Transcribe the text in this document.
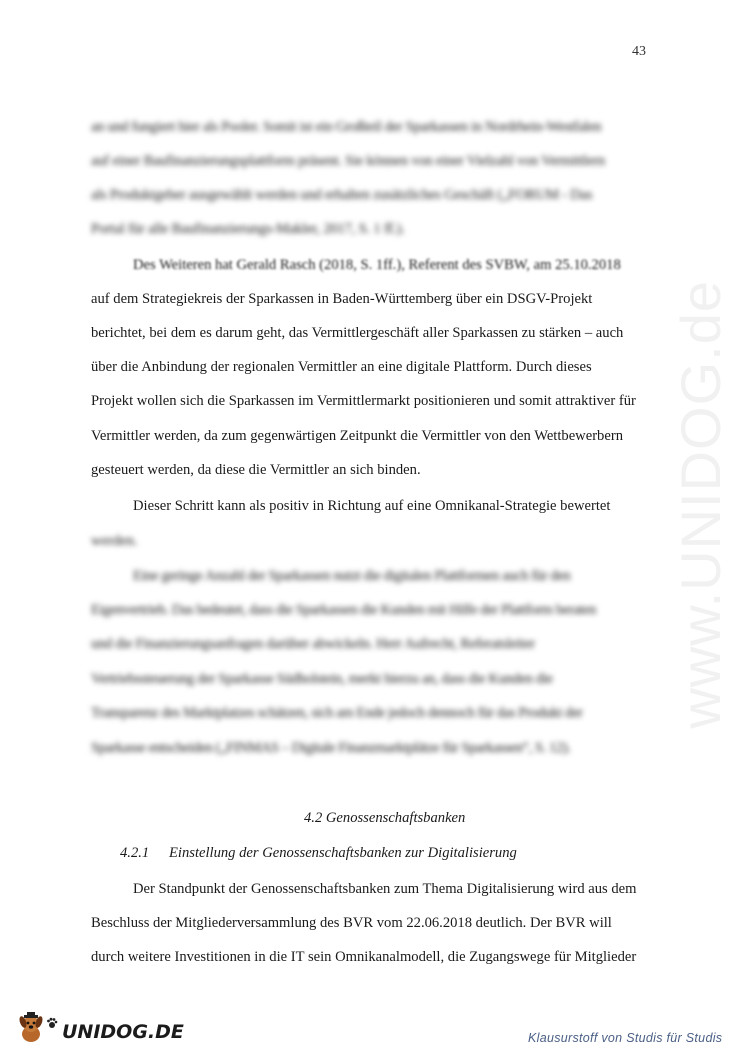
43
www.UNIDOG.de
an und fungiert hier als Pooler. Somit ist ein Großteil der Sparkassen in Nordrhein-Westfalen
auf einer Baufinanzierungsplattform präsent. Sie können von einer Vielzahl von Vermittlern
als Produktgeber ausgewählt werden und erhalten zusätzliches Geschäft („FORUM - Das
Portal für alle Baufinanzierungs-Makler, 2017, S. 1 ff.).
Des Weiteren hat Gerald Rasch (2018, S. 1ff.), Referent des SVBW, am 25.10.2018
auf dem Strategiekreis der Sparkassen in Baden-Württemberg über ein DSGV-Projekt
berichtet, bei dem es darum geht, das Vermittlergeschäft aller Sparkassen zu stärken – auch
über die Anbindung der regionalen Vermittler an eine digitale Plattform. Durch dieses
Projekt wollen sich die Sparkassen im Vermittlermarkt positionieren und somit attraktiver für
Vermittler werden, da zum gegenwärtigen Zeitpunkt die Vermittler von den Wettbewerbern
gesteuert werden, da diese die Vermittler an sich binden.
Dieser Schritt kann als positiv in Richtung auf eine Omnikanal-Strategie bewertet
werden.
Eine geringe Anzahl der Sparkassen nutzt die digitalen Plattformen auch für den
Eigenvertrieb. Das bedeutet, dass die Sparkassen die Kunden mit Hilfe der Plattform beraten
und die Finanzierungsanfragen darüber abwickeln. Herr Aufrecht, Referatsleiter
Vertriebssteuerung der Sparkasse Südholstein, merkt hierzu an, dass die Kunden die
Transparenz des Marktplatzes schätzen, sich am Ende jedoch dennoch für das Produkt der
Sparkasse entscheiden („FINMAS – Digitale Finanzmarktplätze für Sparkassen“, S. 12).
4.2 Genossenschaftsbanken
4.2.1 Einstellung der Genossenschaftsbanken zur Digitalisierung
Der Standpunkt der Genossenschaftsbanken zum Thema Digitalisierung wird aus dem
Beschluss der Mitgliederversammlung des BVR vom 22.06.2018 deutlich. Der BVR will
durch weitere Investitionen in die IT sein Omnikanalmodell, die Zugangswege für Mitglieder
UNIDOG.DE	Klausurstoff von Studis für Studis
